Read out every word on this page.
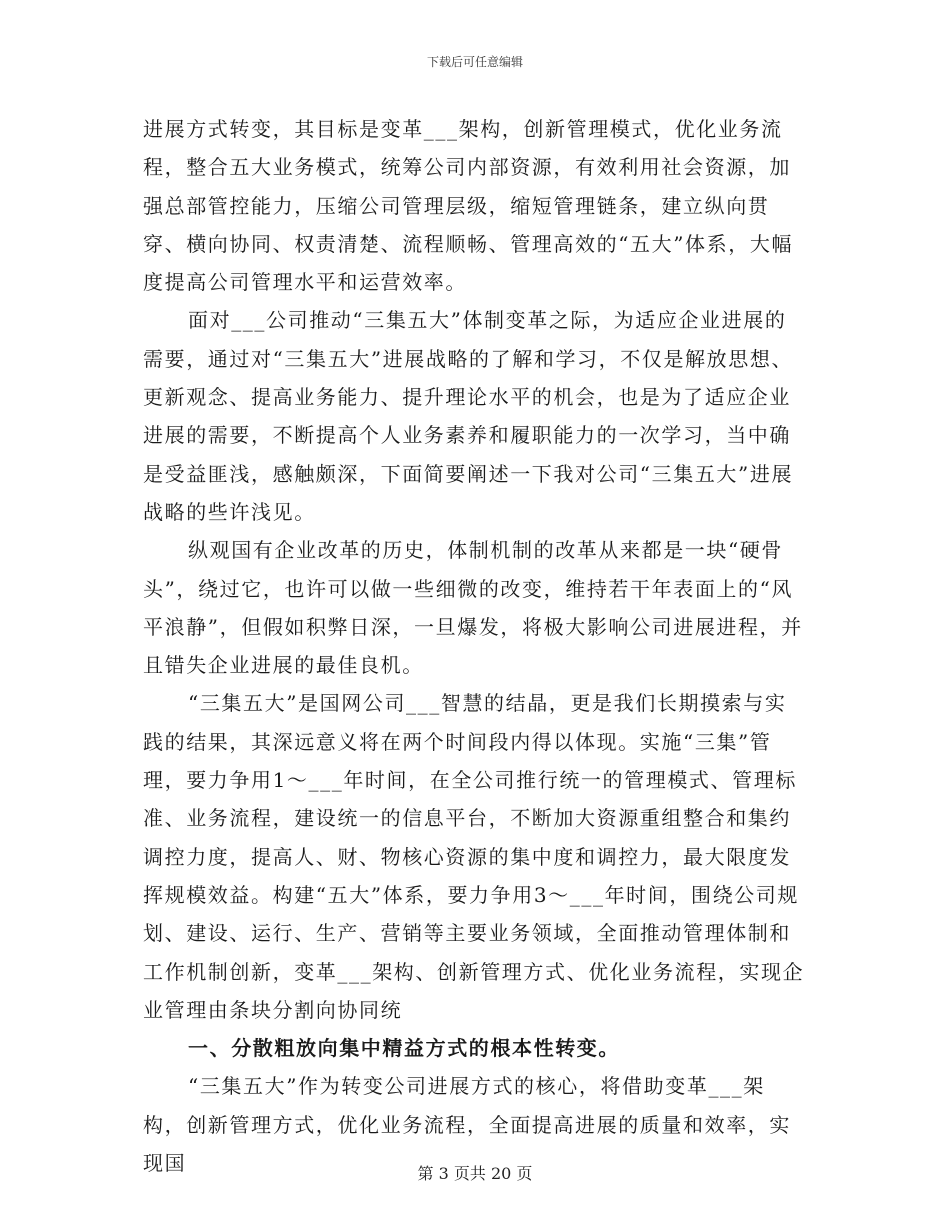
下载后可任意编辑

进展方式转变，其目标是变革___架构，创新管理模式，优化业务流程，整合五大业务模式，统筹公司内部资源，有效利用社会资源，加强总部管控能力，压缩公司管理层级，缩短管理链条，建立纵向贯穿、横向协同、权责清楚、流程顺畅、管理高效的“五大”体系，大幅度提高公司管理水平和运营效率。

面对___公司推动“三集五大”体制变革之际，为适应企业进展的需要，通过对“三集五大”进展战略的了解和学习，不仅是解放思想、更新观念、提高业务能力、提升理论水平的机会，也是为了适应企业进展的需要，不断提高个人业务素养和履职能力的一次学习，当中确是受益匪浅，感触颇深，下面简要阐述一下我对公司“三集五大”进展战略的些许浅见。

纵观国有企业改革的历史，体制机制的改革从来都是一块“硬骨头”，绕过它，也许可以做一些细微的改变，维持若干年表面上的“风平浪静”，但假如积弊日深，一旦爆发，将极大影响公司进展进程，并且错失企业进展的最佳良机。

“三集五大”是国网公司___智慧的结晶，更是我们长期摸索与实践的结果，其深远意义将在两个时间段内得以体现。实施“三集”管理，要力争用1～___年时间，在全公司推行统一的管理模式、管理标准、业务流程，建设统一的信息平台，不断加大资源重组整合和集约调控力度，提高人、财、物核心资源的集中度和调控力，最大限度发挥规模效益。构建“五大”体系，要力争用3～___年时间，围绕公司规划、建设、运行、生产、营销等主要业务领域，全面推动管理体制和工作机制创新，变革___架构、创新管理方式、优化业务流程，实现企业管理由条块分割向协同统

一、分散粗放向集中精益方式的根本性转变。

“三集五大”作为转变公司进展方式的核心，将借助变革___架构，创新管理方式，优化业务流程，全面提高进展的质量和效率，实现国	第 3 页共 20 页
